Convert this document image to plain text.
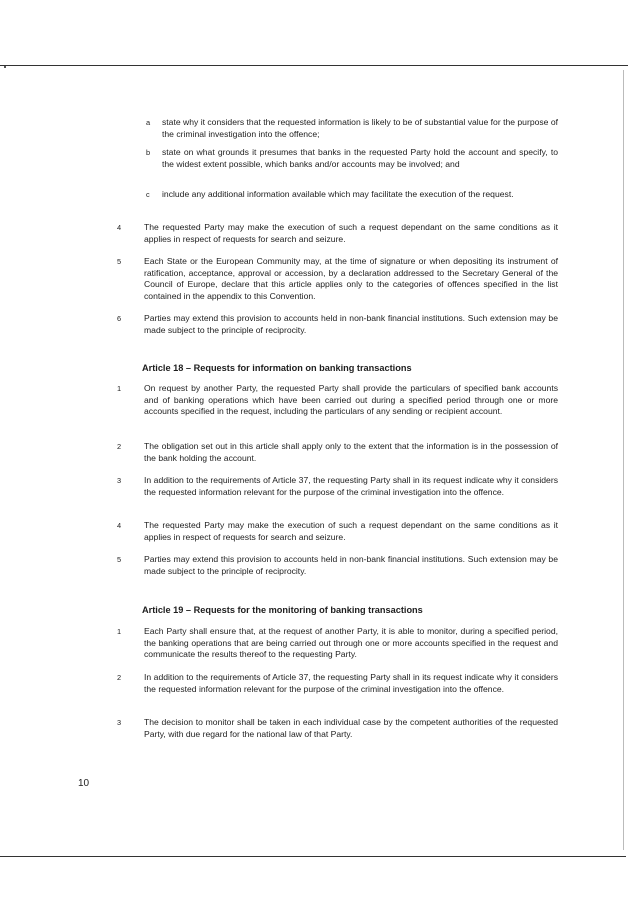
a state why it considers that the requested information is likely to be of substantial value for the purpose of the criminal investigation into the offence;
b state on what grounds it presumes that banks in the requested Party hold the account and specify, to the widest extent possible, which banks and/or accounts may be involved; and
c include any additional information available which may facilitate the execution of the request.
4	The requested Party may make the execution of such a request dependant on the same conditions as it applies in respect of requests for search and seizure.
5	Each State or the European Community may, at the time of signature or when depositing its instrument of ratification, acceptance, approval or accession, by a declaration addressed to the Secretary General of the Council of Europe, declare that this article applies only to the categories of offences specified in the list contained in the appendix to this Convention.
6	Parties may extend this provision to accounts held in non-bank financial institutions. Such extension may be made subject to the principle of reciprocity.
Article 18 – Requests for information on banking transactions
1	On request by another Party, the requested Party shall provide the particulars of specified bank accounts and of banking operations which have been carried out during a specified period through one or more accounts specified in the request, including the particulars of any sending or recipient account.
2	The obligation set out in this article shall apply only to the extent that the information is in the possession of the bank holding the account.
3	In addition to the requirements of Article 37, the requesting Party shall in its request indicate why it considers the requested information relevant for the purpose of the criminal investigation into the offence.
4	The requested Party may make the execution of such a request dependant on the same conditions as it applies in respect of requests for search and seizure.
5	Parties may extend this provision to accounts held in non-bank financial institutions. Such extension may be made subject to the principle of reciprocity.
Article 19 – Requests for the monitoring of banking transactions
1	Each Party shall ensure that, at the request of another Party, it is able to monitor, during a specified period, the banking operations that are being carried out through one or more accounts specified in the request and communicate the results thereof to the requesting Party.
2	In addition to the requirements of Article 37, the requesting Party shall in its request indicate why it considers the requested information relevant for the purpose of the criminal investigation into the offence.
3	The decision to monitor shall be taken in each individual case by the competent authorities of the requested Party, with due regard for the national law of that Party.
10
